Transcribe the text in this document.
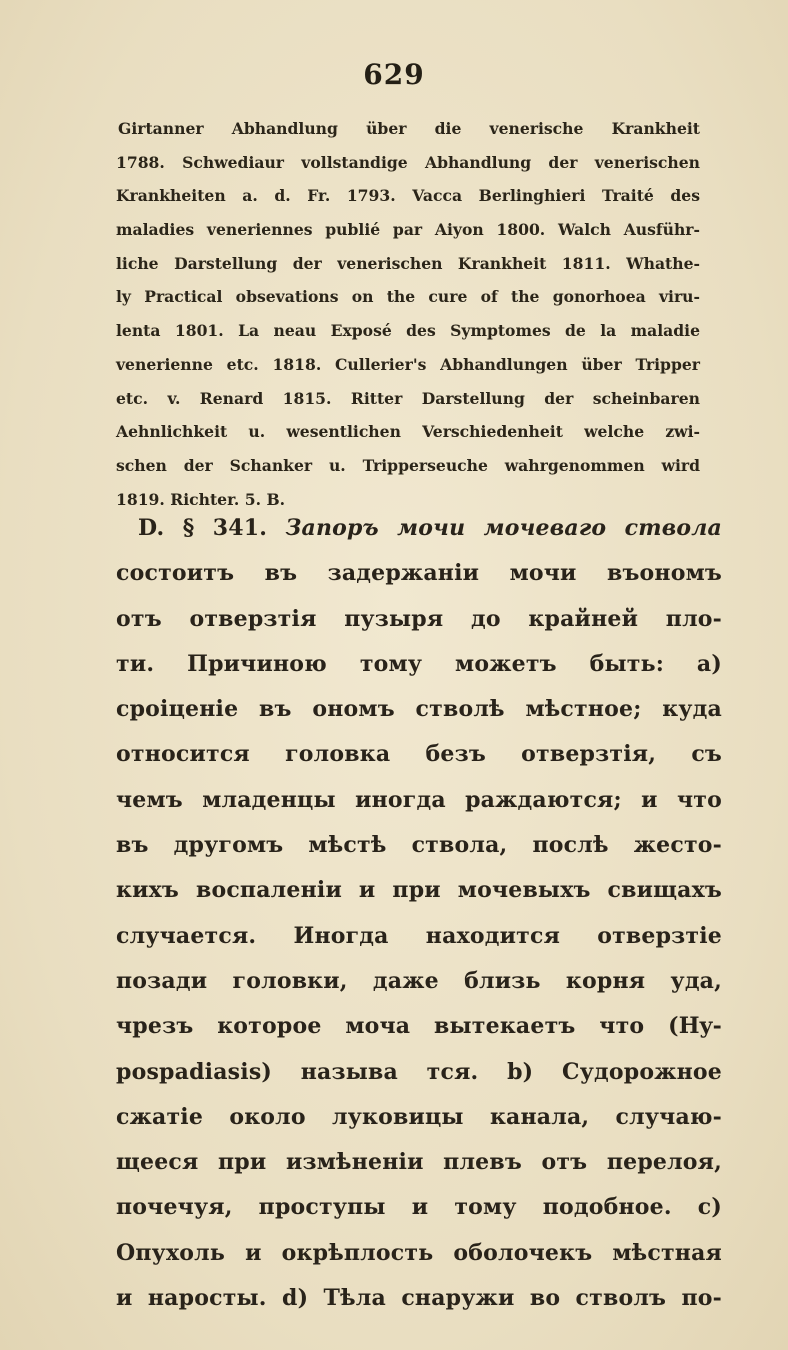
629
Girtanner Abhandlung über die venerische Krankheit
1788. Schwediaur vollstandige Abhandlung der venerischen
Krankheiten a. d. Fr. 1793. Vacca Berlinghieri Traité des
maladies veneriennes publié par Aiyon 1800. Walch Ausführ-
liche Darstellung der venerischen Krankheit 1811. Whathe-
ly Practical obsevations on the cure of the gonorhoea viru-
lenta 1801. La neau Exposé des Symptomes de la maladie
venerienne etc. 1818. Cullerier's Abhandlungen über Tripper
etc. v. Renard 1815. Ritter Darstellung der scheinbaren
Aehnlichkeit u. wesentlichen Verschiedenheit welche zwi-
schen der Schanker u. Tripperseuche wahrgenommen wird
1819. Richter. 5. B.
D. § 341. Запоръ мочи мочеваго ствола
состоитъ въ задержаніи мочи въономъ
отъ отверзтія пузыря до крайней пло-
ти. Причиною тому можетъ быть: а)
сроіценіе въ ономъ стволѣ мѣстное; куда
относится головка безъ отверзтія, съ
чемъ младенцы иногда раждаются; и что
въ другомъ мѣстѣ ствола, послѣ жесто-
кихъ воспаленіи и при мочевыхъ свищахъ
случается. Иногда находится отверзтіе
позади головки, даже близь корня уда,
чрезъ которое моча вытекаетъ что (Hy-
pospadiasis) называ тся. b) Судорожное
сжатіе около луковицы канала, случаю-
щееся при измѣненіи плевъ отъ перелоя,
почечуя, проступы и тому подобное. c)
Опухоль и окрѣплость оболочекъ мѣстная
и наросты. d) Тѣла снаружи во стволъ по-
